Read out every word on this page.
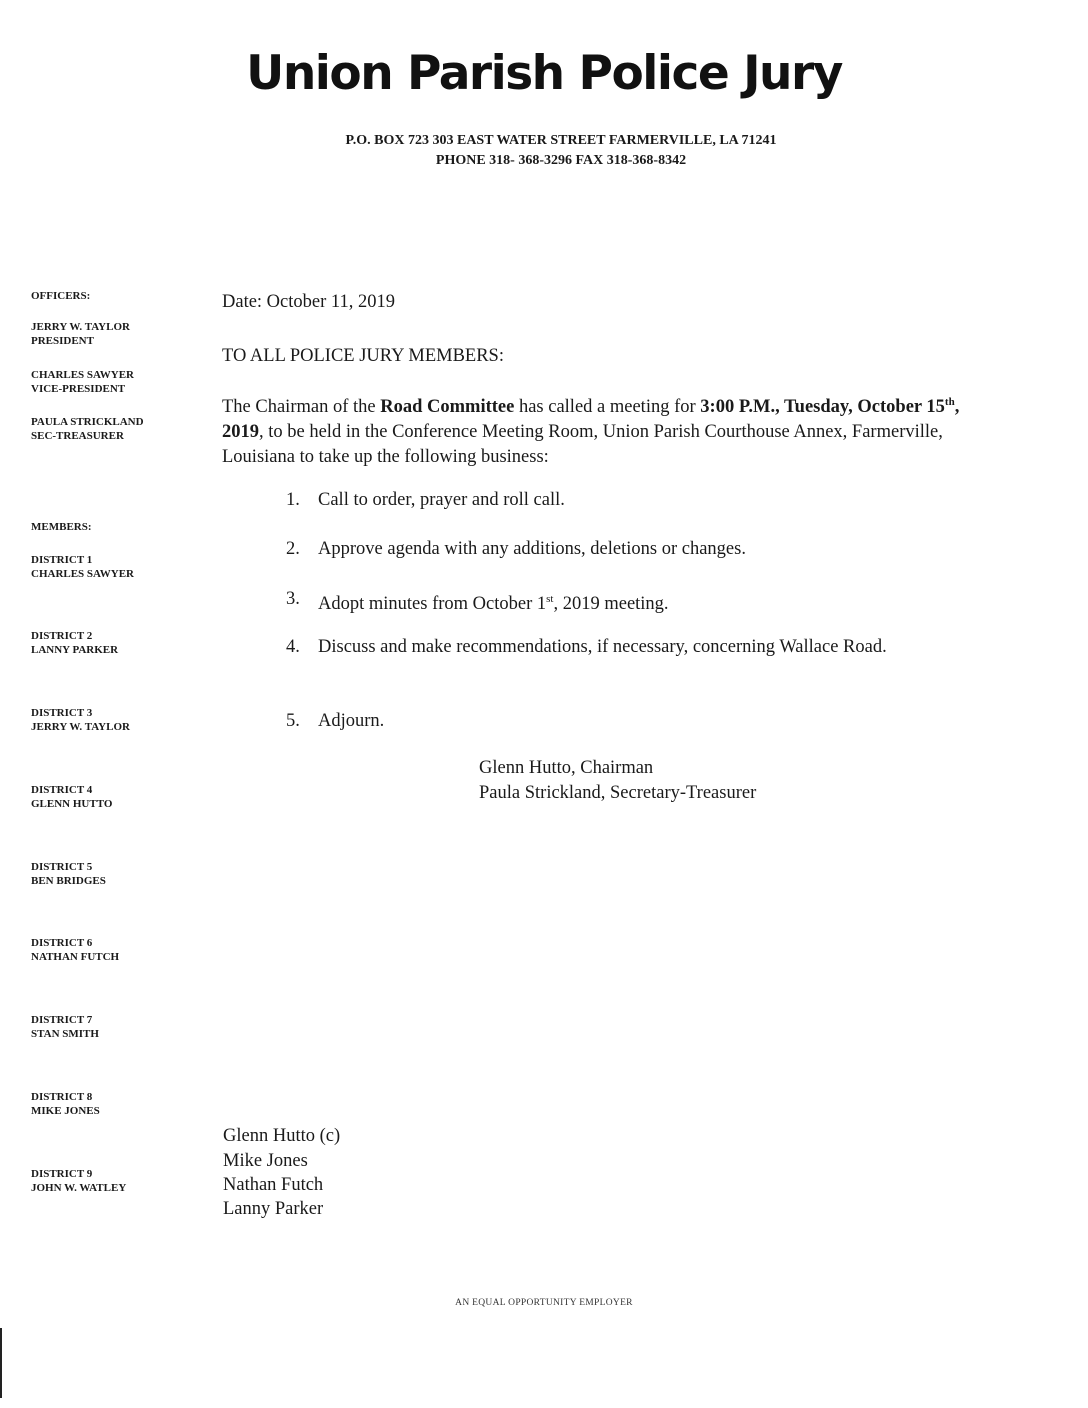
Union Parish Police Jury
P.O. BOX 723 303 EAST WATER STREET FARMERVILLE, LA 71241
PHONE 318- 368-3296 FAX 318-368-8342
OFFICERS:
JERRY W. TAYLOR
PRESIDENT
CHARLES SAWYER
VICE-PRESIDENT
PAULA STRICKLAND
SEC-TREASURER
MEMBERS:
DISTRICT 1
CHARLES SAWYER
DISTRICT 2
LANNY PARKER
DISTRICT 3
JERRY W. TAYLOR
DISTRICT 4
GLENN HUTTO
DISTRICT 5
BEN BRIDGES
DISTRICT 6
NATHAN FUTCH
DISTRICT 7
STAN SMITH
DISTRICT 8
MIKE JONES
DISTRICT 9
JOHN W. WATLEY
Date: October 11, 2019
TO ALL POLICE JURY MEMBERS:
The Chairman of the Road Committee has called a meeting for 3:00 P.M., Tuesday, October 15th, 2019, to be held in the Conference Meeting Room, Union Parish Courthouse Annex, Farmerville, Louisiana to take up the following business:
1. Call to order, prayer and roll call.
2. Approve agenda with any additions, deletions or changes.
3. Adopt minutes from October 1st, 2019 meeting.
4. Discuss and make recommendations, if necessary, concerning Wallace Road.
5. Adjourn.
Glenn Hutto, Chairman
Paula Strickland, Secretary-Treasurer
Glenn Hutto (c)
Mike Jones
Nathan Futch
Lanny Parker
AN EQUAL OPPORTUNITY EMPLOYER
